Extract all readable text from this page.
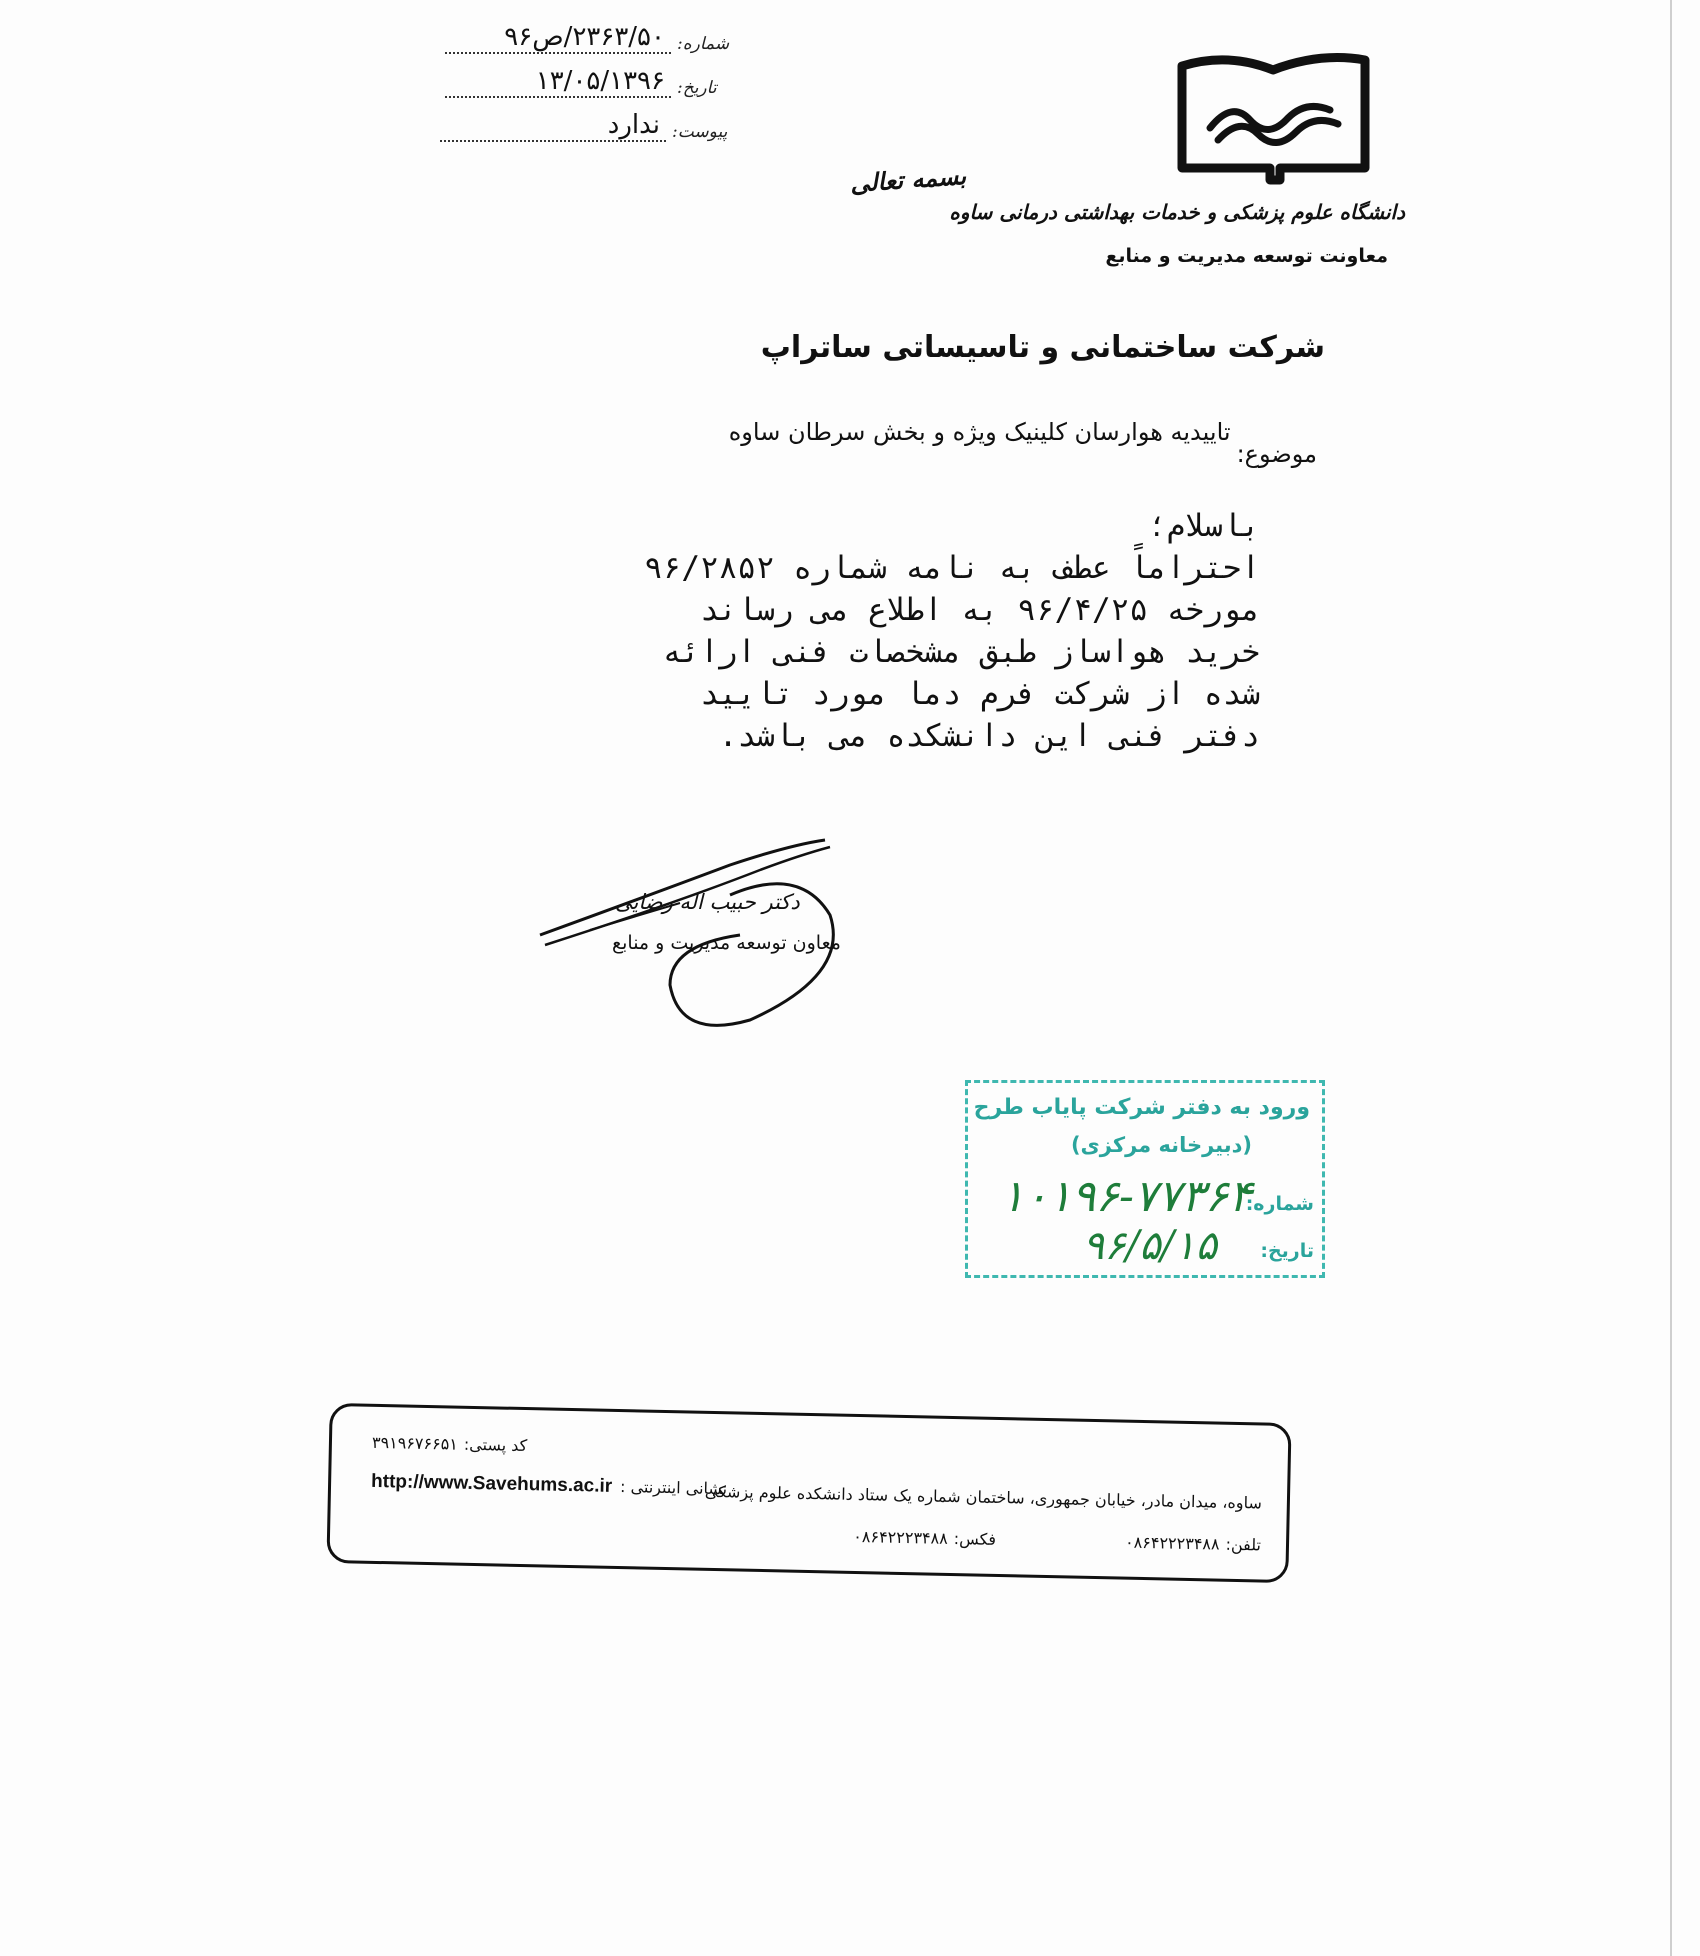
شماره:
۲۳۶۳/۵۰/ص۹۶
تاریخ:
۱۳/۰۵/۱۳۹۶
پیوست:
ندارد
دانشگاه علوم پزشکی و خدمات بهداشتی درمانی ساوه
معاونت توسعه مدیریت و منابع
بسمه تعالی
شرکت ساختمانی و تاسیساتی ساتراپ
موضوع:
تاییدیه هوارسان کلینیک ویژه و بخش سرطان ساوه
باسلام؛
احتراماً عطف به نامه شماره ۹۶/۲۸۵۲
مورخه ۹۶/۴/۲۵ به اطلاع می رساند
خرید هواساز طبق مشخصات فنی ارائه
شده از شرکت فرم دما مورد تایید
دفتر فنی این دانشکده می باشد.
دکتر حبیب اله رضایی
معاون توسعه مدیریت و منابع
ورود به دفتر شرکت پایاب طرح
(دبیرخانه مرکزی)
شماره:
۱۰۱۹۶-۷۷۳۶۴
تاریخ:
۹۶/۵/۱۵
کد پستی:
۳۹۱۹۶۷۶۶۵۱
ساوه، میدان مادر، خیابان جمهوری، ساختمان شماره یک ستاد دانشکده علوم پزشکی
نشانی اینترنتی :
http://www.Savehums.ac.ir
تلفن:
۰۸۶۴۲۲۲۳۴۸۸
فکس:
۰۸۶۴۲۲۲۳۴۸۸
